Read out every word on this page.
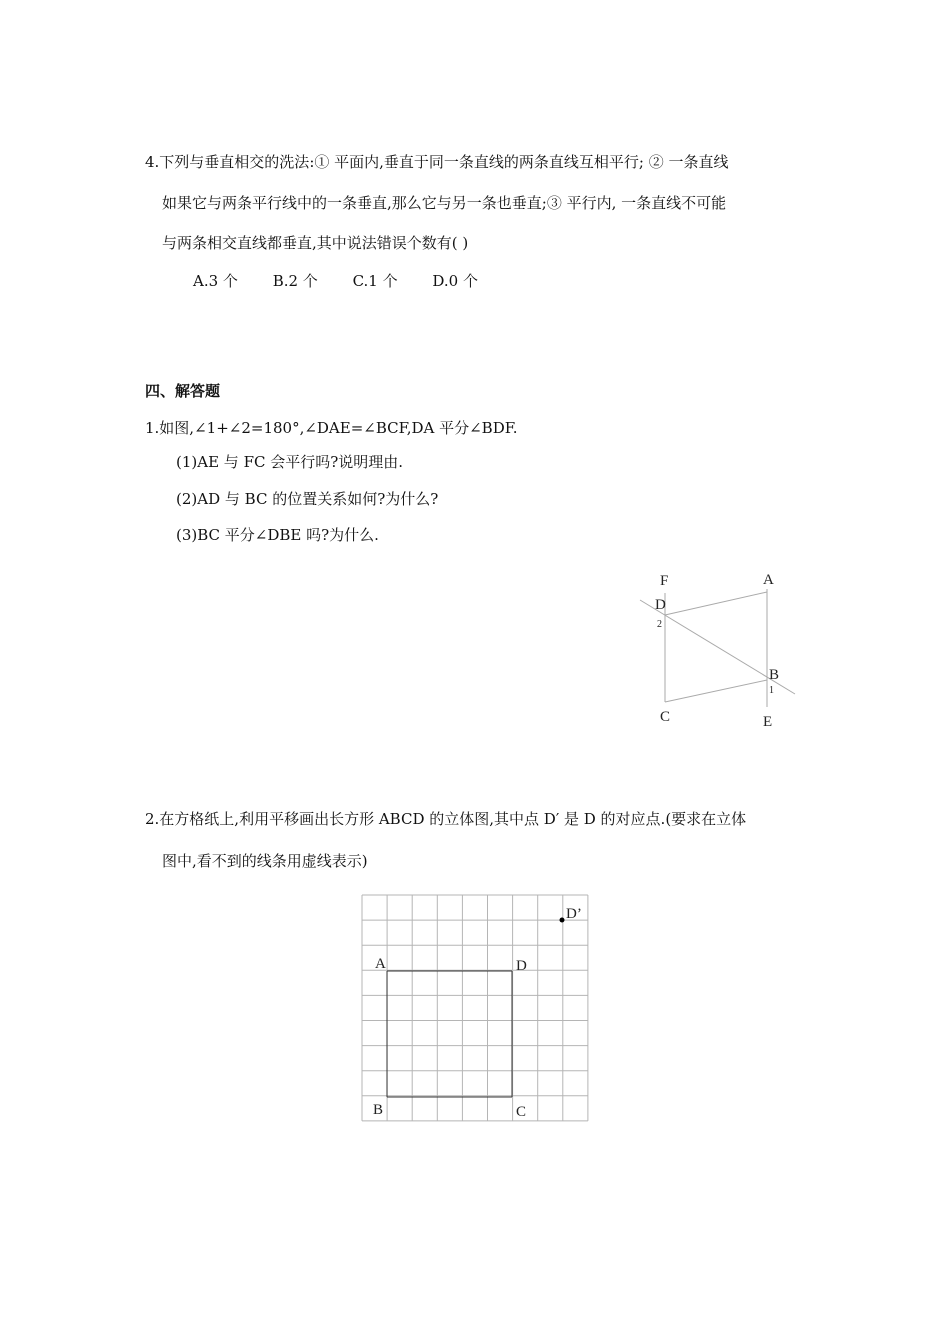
4.下列与垂直相交的洗法:① 平面内,垂直于同一条直线的两条直线互相平行; ② 一条直线
如果它与两条平行线中的一条垂直,那么它与另一条也垂直;③ 平行内, 一条直线不可能
与两条相交直线都垂直,其中说法错误个数有( )
A.3 个 B.2 个 C.1 个 D.0 个
四、解答题
1.如图,∠1+∠2=180°,∠DAE=∠BCF,DA 平分∠BDF.
(1)AE 与 FC 会平行吗?说明理由.
(2)AD 与 BC 的位置关系如何?为什么?
(3)BC 平分∠DBE 吗?为什么.
F	A
D
2
B
1
C	E
2.在方格纸上,利用平移画出长方形 ABCD 的立体图,其中点 D′ 是 D 的对应点.(要求在立体
图中,看不到的线条用虚线表示)
D’
A	D
B	C
